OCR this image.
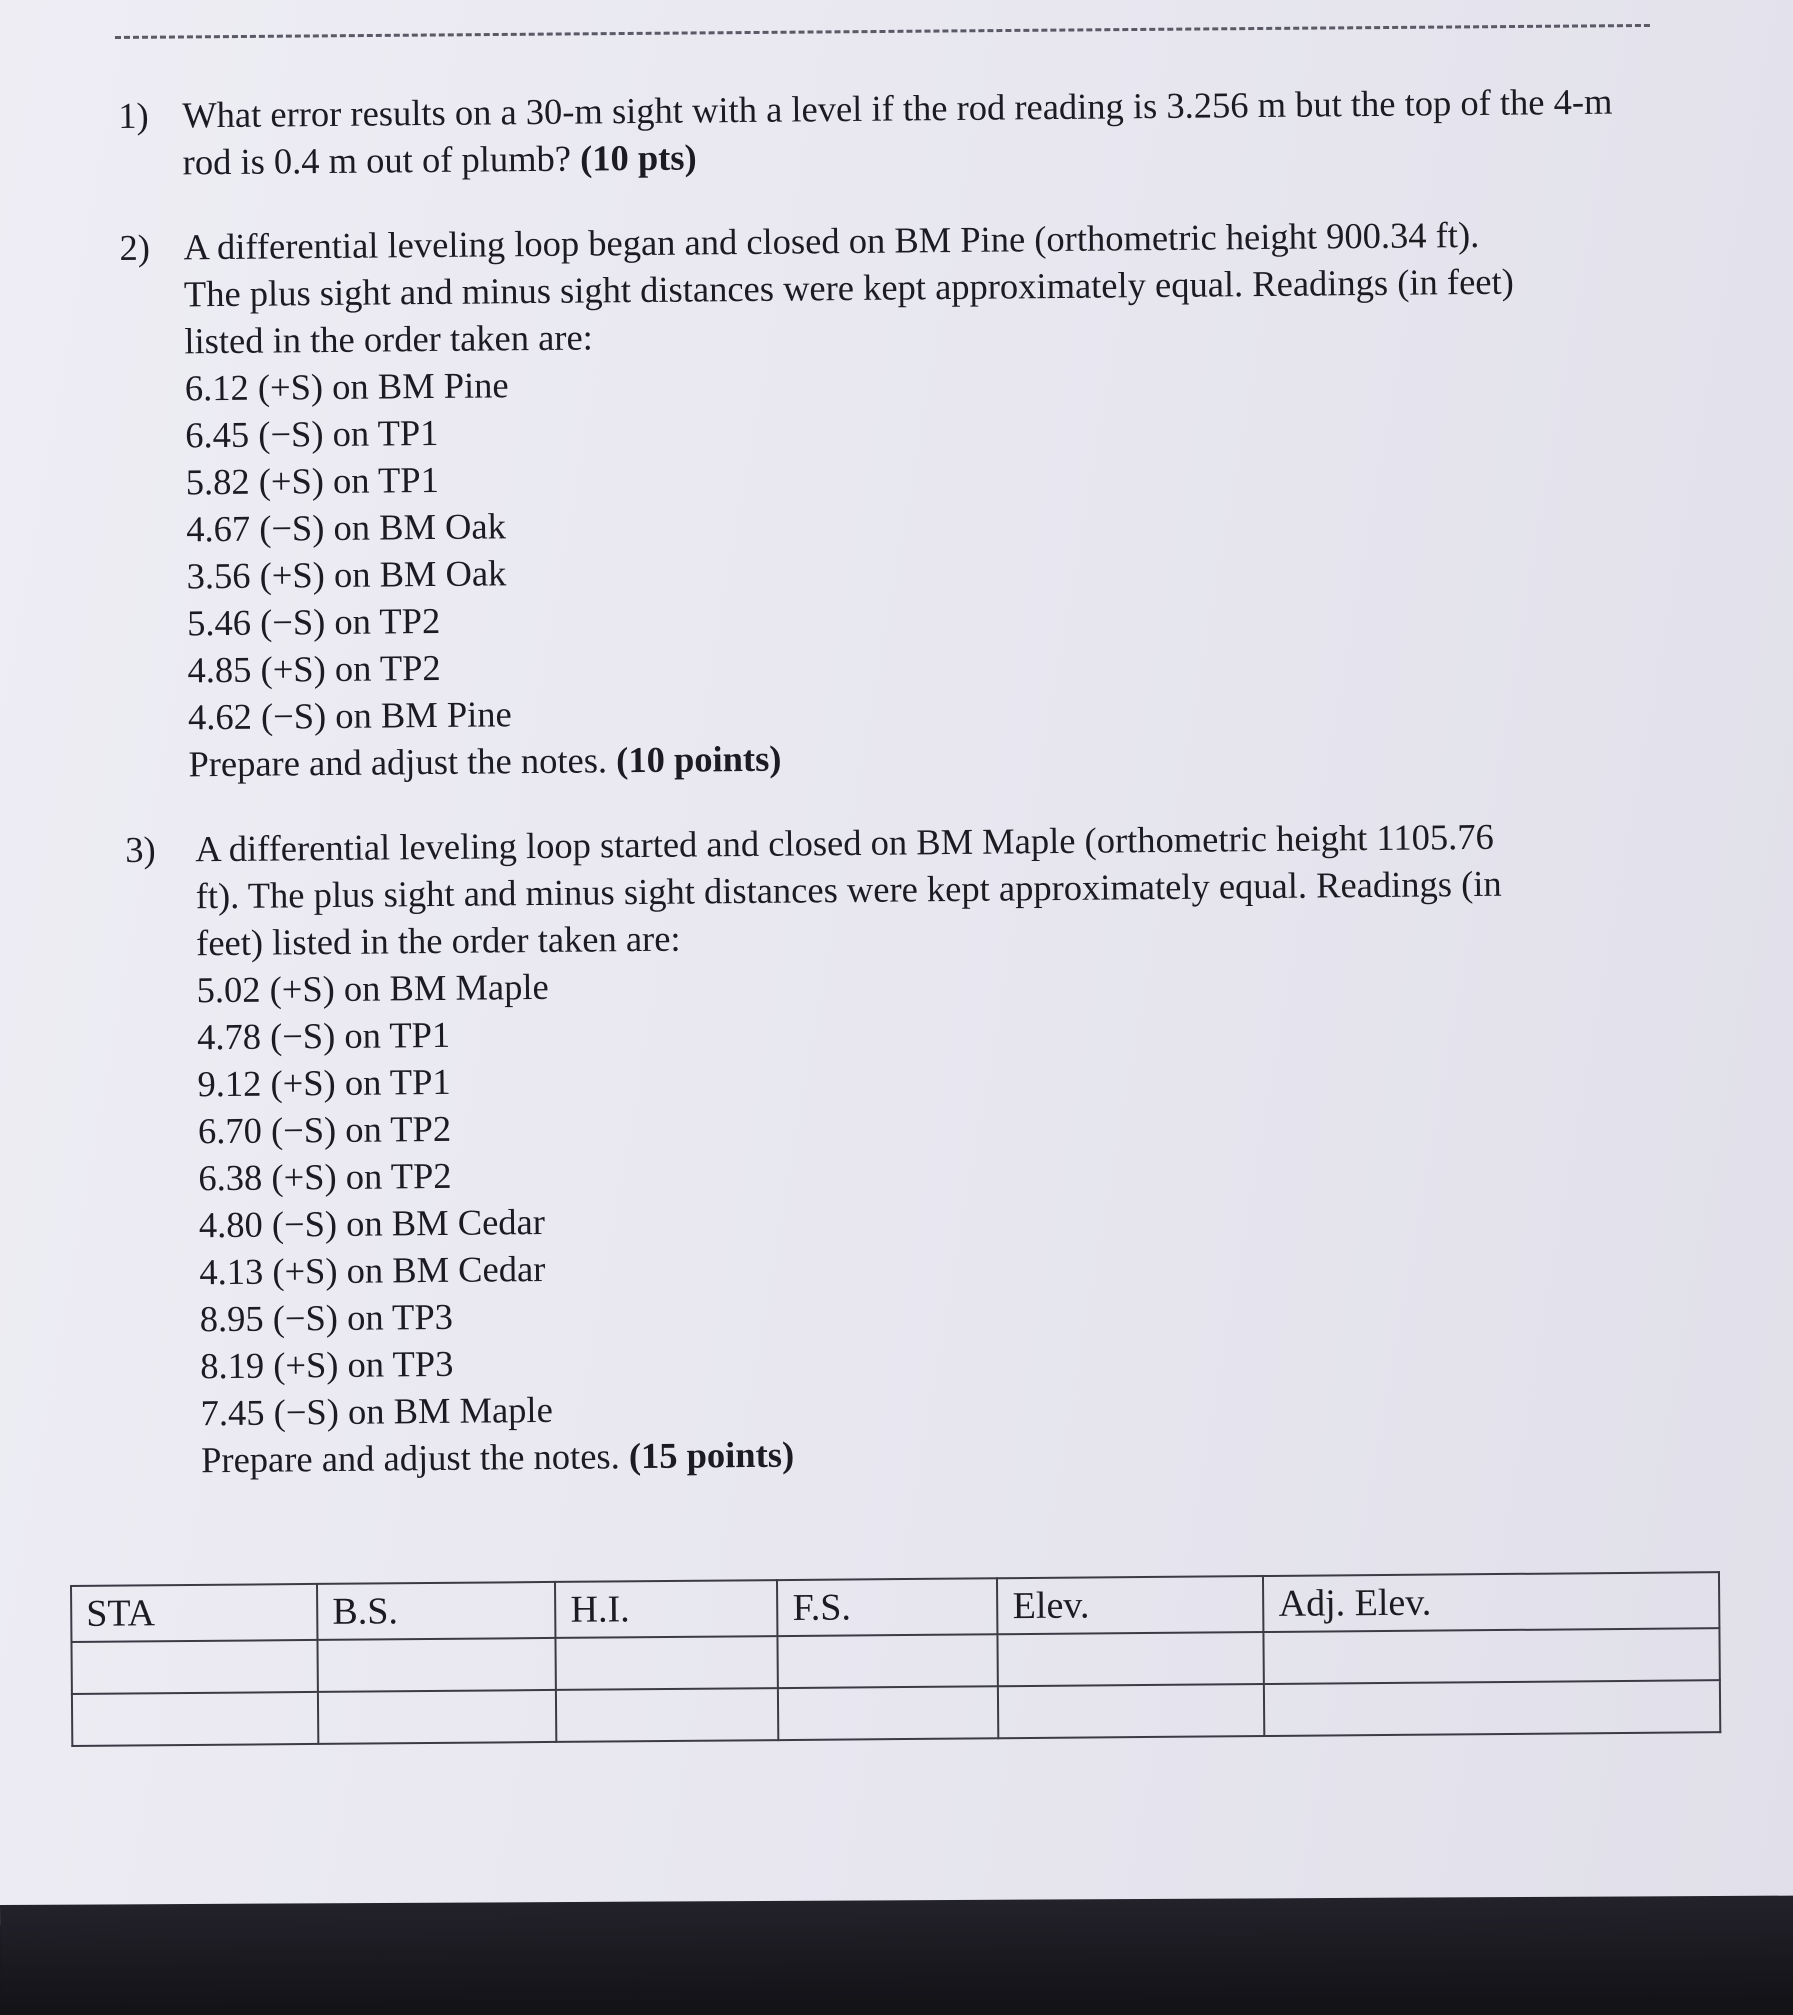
1) What error results on a 30-m sight with a level if the rod reading is 3.256 m but the top of the 4-m
rod is 0.4 m out of plumb? (10 pts)
2) A differential leveling loop began and closed on BM Pine (orthometric height 900.34 ft).
The plus sight and minus sight distances were kept approximately equal. Readings (in feet)
listed in the order taken are:
6.12 (+S) on BM Pine
6.45 (−S) on TP1
5.82 (+S) on TP1
4.67 (−S) on BM Oak
3.56 (+S) on BM Oak
5.46 (−S) on TP2
4.85 (+S) on TP2
4.62 (−S) on BM Pine
Prepare and adjust the notes. (10 points)
3) A differential leveling loop started and closed on BM Maple (orthometric height 1105.76
ft). The plus sight and minus sight distances were kept approximately equal. Readings (in
feet) listed in the order taken are:
5.02 (+S) on BM Maple
4.78 (−S) on TP1
9.12 (+S) on TP1
6.70 (−S) on TP2
6.38 (+S) on TP2
4.80 (−S) on BM Cedar
4.13 (+S) on BM Cedar
8.95 (−S) on TP3
8.19 (+S) on TP3
7.45 (−S) on BM Maple
Prepare and adjust the notes. (15 points)
STA	B.S.	H.I.	F.S.	Elev.	Adj. Elev.
